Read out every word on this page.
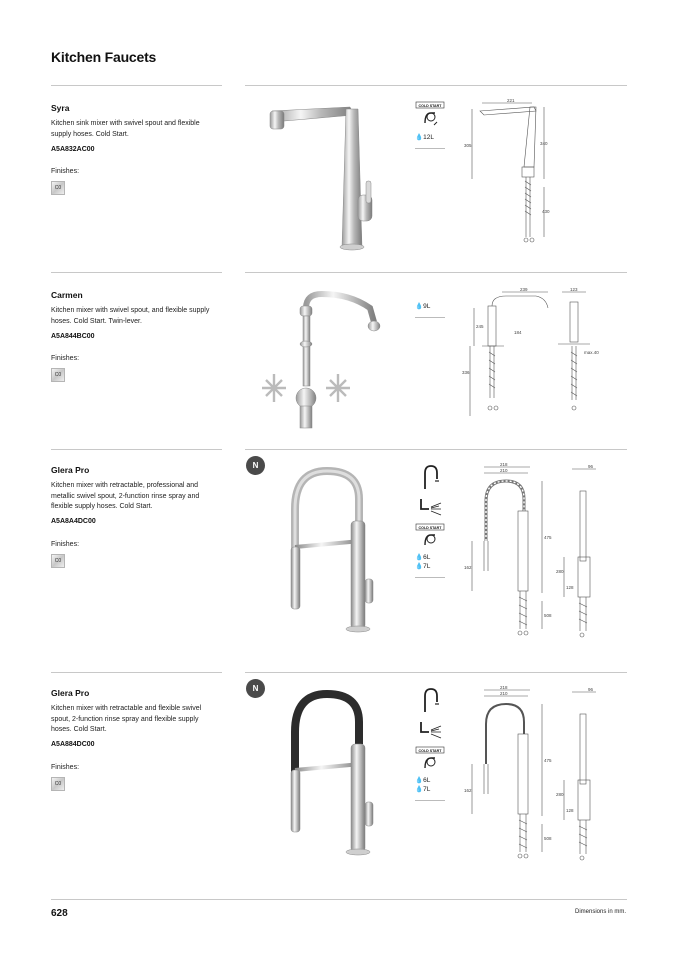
Kitchen Faucets
Syra
Kitchen sink mixer with swivel spout and flexible supply hoses. Cold Start.
A5A832AC00
Finishes:
C0
COLD START
💧12L
221
305	340
430
Carmen
Kitchen mixer with swivel spout, and flexible supply hoses. Cold Start. Twin-lever.
A5A844BC00
Finishes:
C0
💧9L
239	123
245
184
336
max.40
Glera Pro
Kitchen mixer with retractable, professional and metallic swivel spout, 2-function rinse spray and flexible supply hoses. Cold Start.
A5A8A4DC00
Finishes:
C0
N
COLD START
💧6L
💧7L
218
210
475
162
280
128
508
96
Glera Pro
Kitchen mixer with retractable and flexible swivel spout, 2-function rinse spray and flexible supply hoses. Cold Start.
A5A884DC00
Finishes:
C0
N
COLD START
💧6L
💧7L
218
210
475
162
280
128
508
96
628	Dimensions in mm.
